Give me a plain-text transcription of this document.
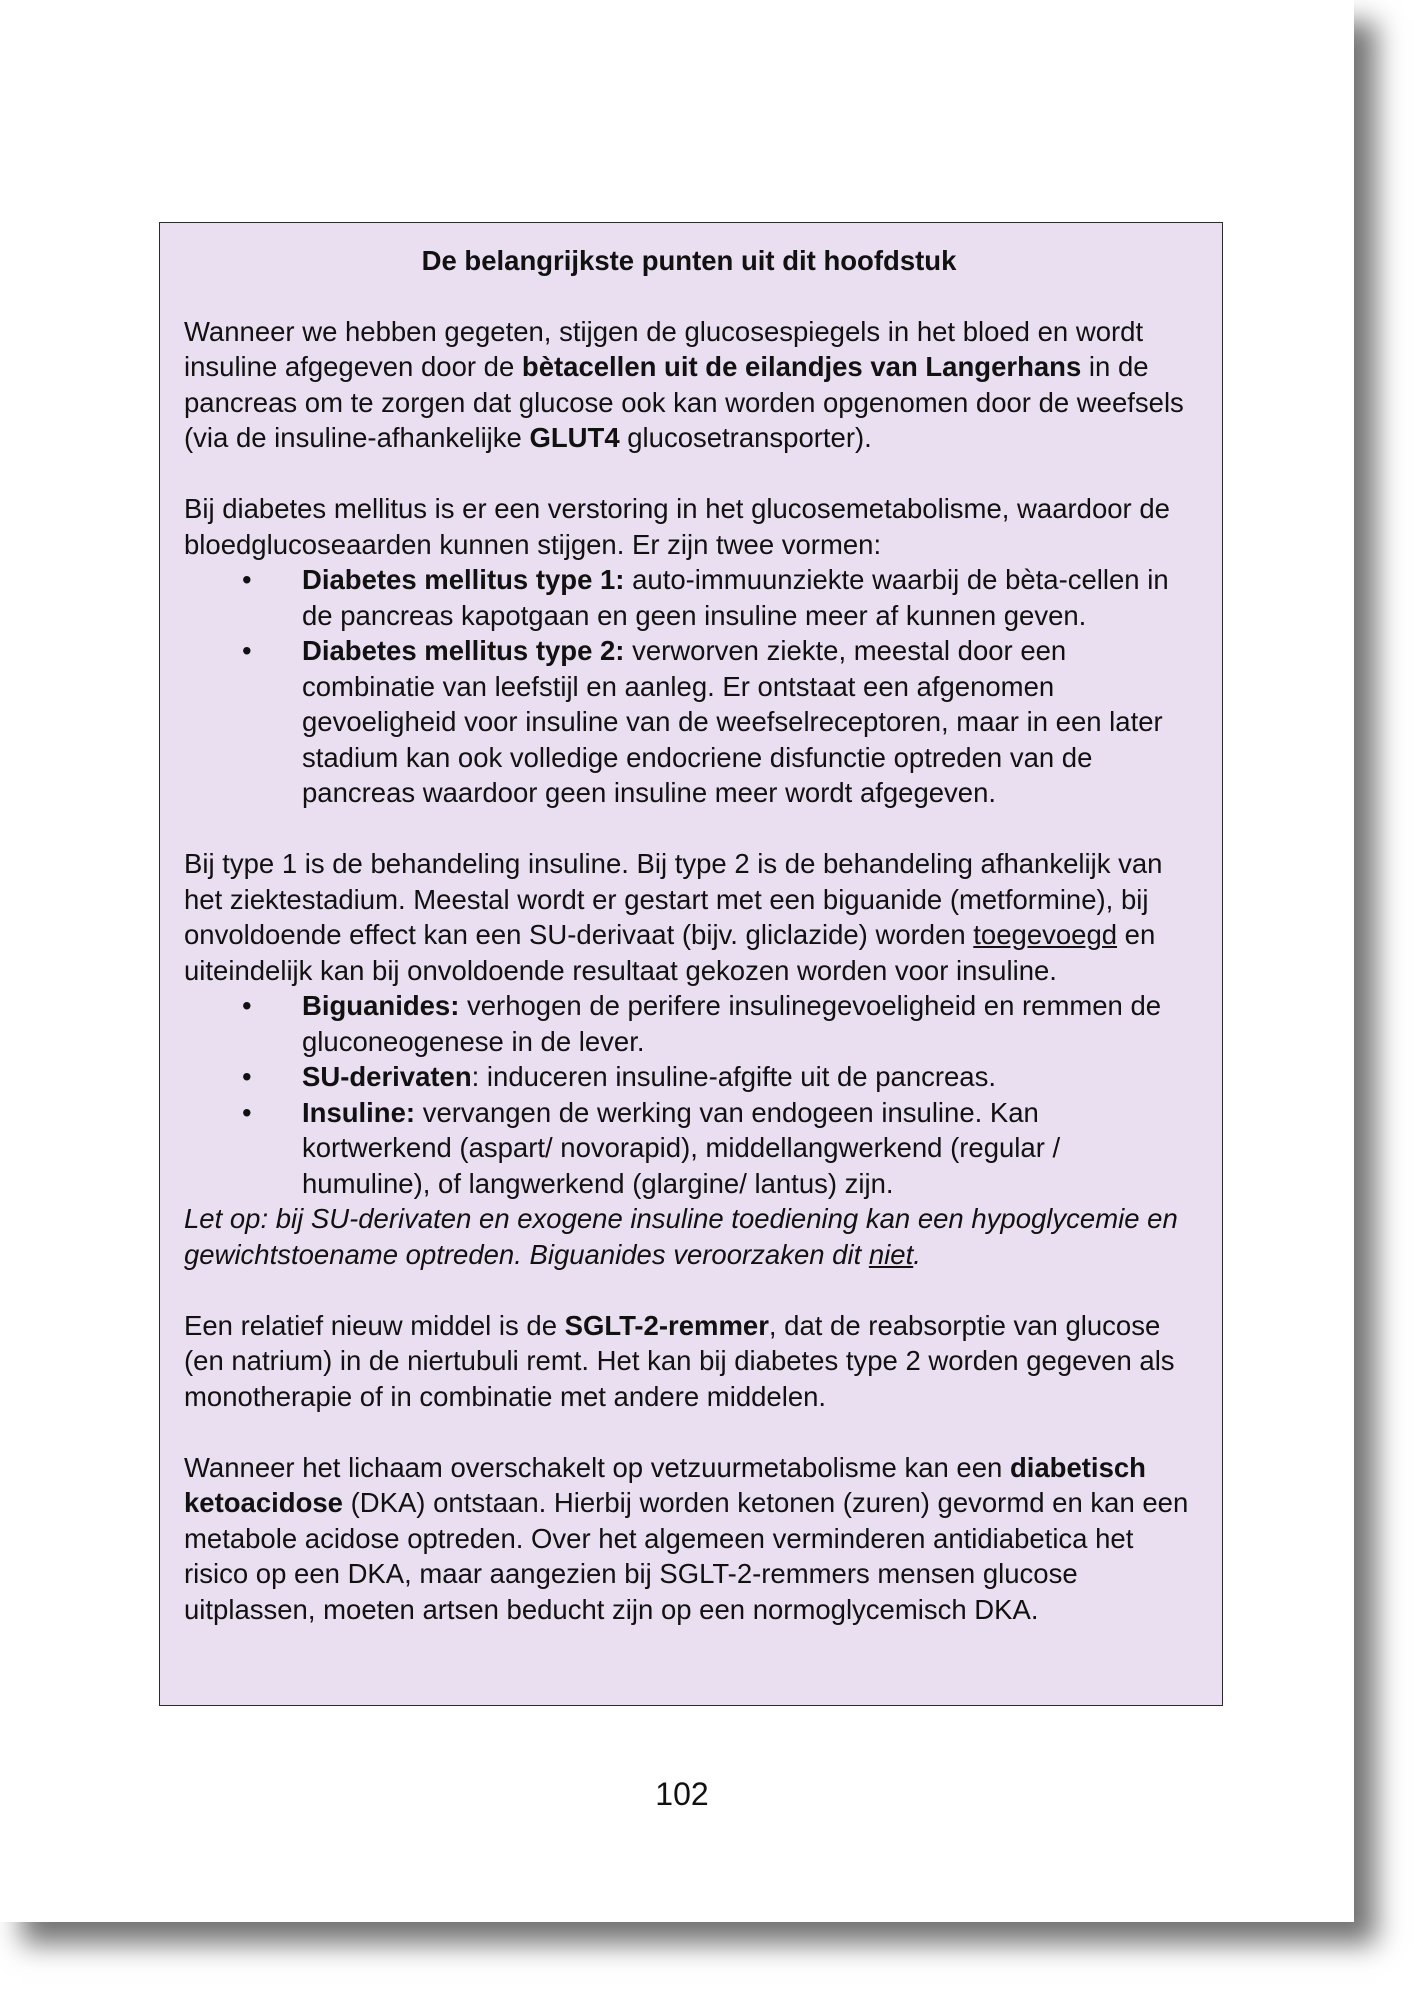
De belangrijkste punten uit dit hoofdstuk

Wanneer we hebben gegeten, stijgen de glucosespiegels in het bloed en wordt insuline afgegeven door de bètacellen uit de eilandjes van Langerhans in de pancreas om te zorgen dat glucose ook kan worden opgenomen door de weefsels (via de insuline-afhankelijke GLUT4 glucosetransporter).

Bij diabetes mellitus is er een verstoring in het glucosemetabolisme, waardoor de bloedglucoseaarden kunnen stijgen. Er zijn twee vormen:

• Diabetes mellitus type 1: auto-immuunziekte waarbij de bèta-cellen in de pancreas kapotgaan en geen insuline meer af kunnen geven.
• Diabetes mellitus type 2: verworven ziekte, meestal door een combinatie van leefstijl en aanleg. Er ontstaat een afgenomen gevoeligheid voor insuline van de weefselreceptoren, maar in een later stadium kan ook volledige endocriene disfunctie optreden van de pancreas waardoor geen insuline meer wordt afgegeven.

Bij type 1 is de behandeling insuline. Bij type 2 is de behandeling afhankelijk van het ziektestadium. Meestal wordt er gestart met een biguanide (metformine), bij onvoldoende effect kan een SU-derivaat (bijv. gliclazide) worden toegevoegd en uiteindelijk kan bij onvoldoende resultaat gekozen worden voor insuline.

• Biguanides: verhogen de perifere insulinegevoeligheid en remmen de gluconeogenese in de lever.
• SU-derivaten: induceren insuline-afgifte uit de pancreas.
• Insuline: vervangen de werking van endogeen insuline. Kan kortwerkend (aspart/ novorapid), middellangwerkend (regular / humuline), of langwerkend (glargine/ lantus) zijn.

Let op: bij SU-derivaten en exogene insuline toediening kan een hypoglycemie en gewichtstoename optreden. Biguanides veroorzaken dit niet.

Een relatief nieuw middel is de SGLT-2-remmer, dat de reabsorptie van glucose (en natrium) in de niertubuli remt. Het kan bij diabetes type 2 worden gegeven als monotherapie of in combinatie met andere middelen.

Wanneer het lichaam overschakelt op vetzuurmetabolisme kan een diabetisch ketoacidose (DKA) ontstaan. Hierbij worden ketonen (zuren) gevormd en kan een metabole acidose optreden. Over het algemeen verminderen antidiabetica het risico op een DKA, maar aangezien bij SGLT-2-remmers mensen glucose uitplassen, moeten artsen beducht zijn op een normoglycemisch DKA.

102
